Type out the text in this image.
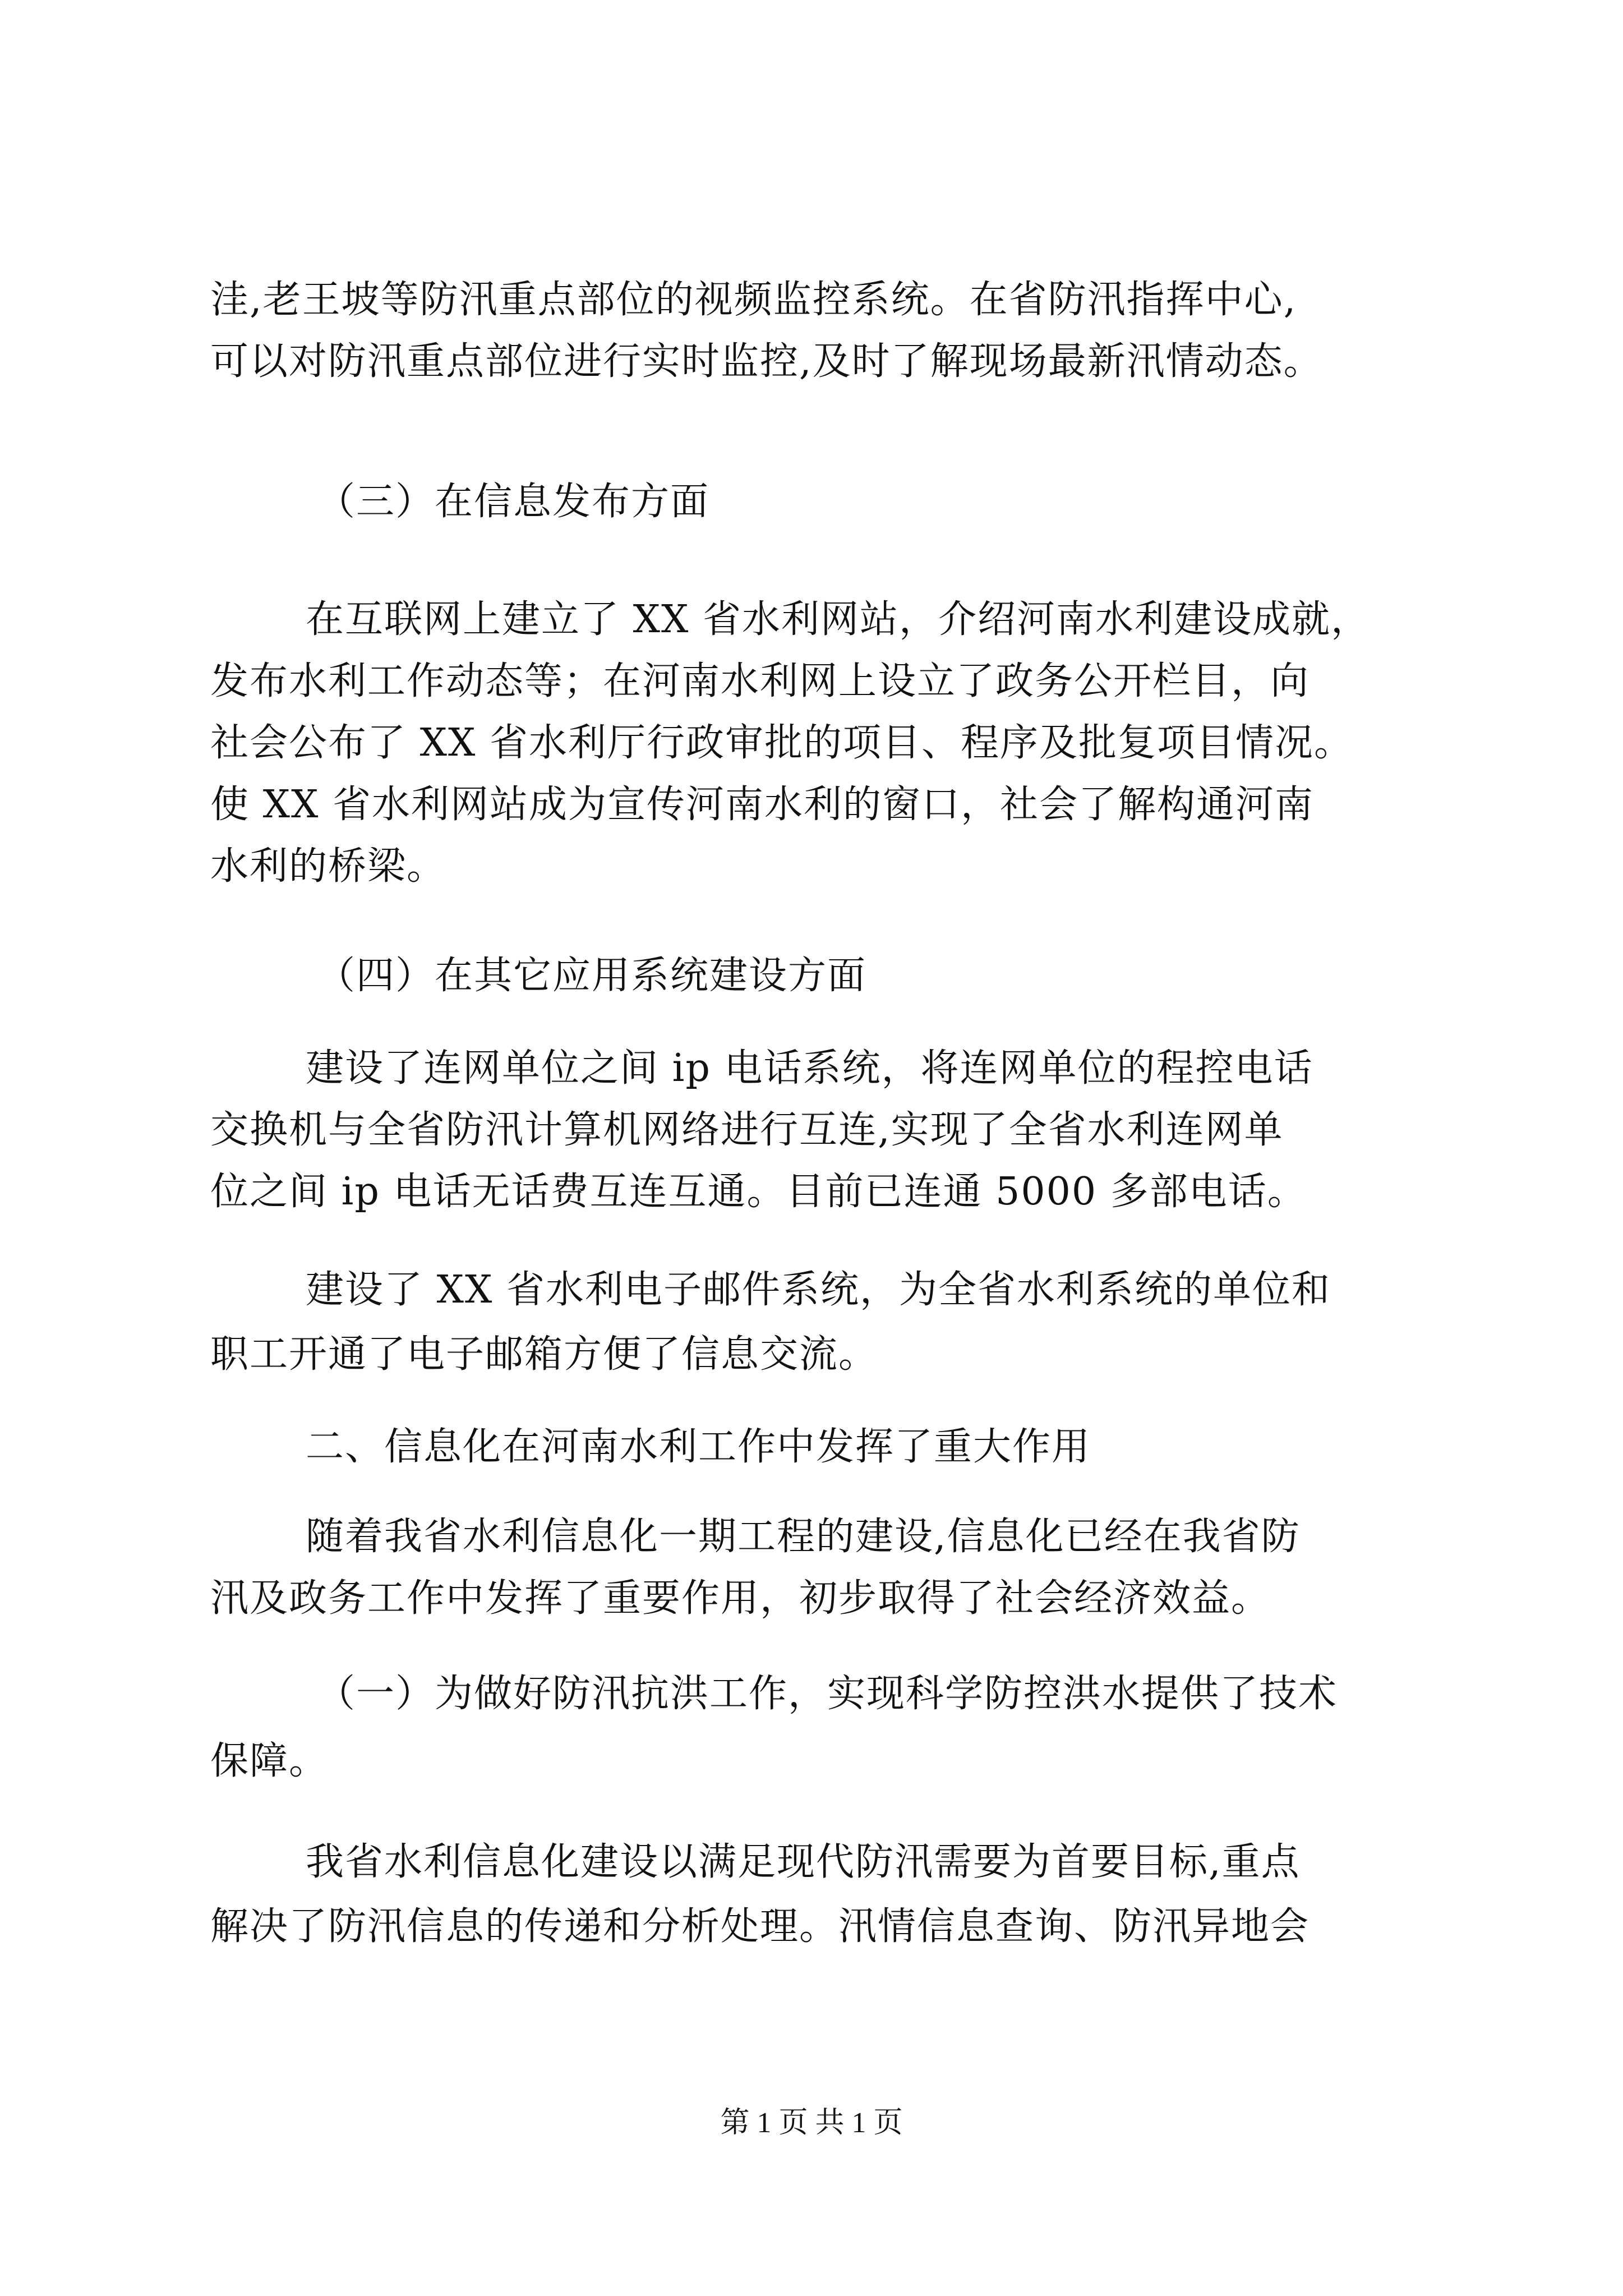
洼,老王坡等防汛重点部位的视频监控系统。在省防汛指挥中心,
可以对防汛重点部位进行实时监控,及时了解现场最新汛情动态。
（三）在信息发布方面
在互联网上建立了 XX 省水利网站，介绍河南水利建设成就，
发布水利工作动态等；在河南水利网上设立了政务公开栏目，向
社会公布了 XX 省水利厅行政审批的项目、程序及批复项目情况。
使 XX 省水利网站成为宣传河南水利的窗口，社会了解构通河南
水利的桥梁。
（四）在其它应用系统建设方面
建设了连网单位之间 ip 电话系统，将连网单位的程控电话
交换机与全省防汛计算机网络进行互连,实现了全省水利连网单
位之间 ip 电话无话费互连互通。目前已连通 5000 多部电话。
建设了 XX 省水利电子邮件系统，为全省水利系统的单位和
职工开通了电子邮箱方便了信息交流。
二、信息化在河南水利工作中发挥了重大作用
随着我省水利信息化一期工程的建设,信息化已经在我省防
汛及政务工作中发挥了重要作用，初步取得了社会经济效益。
（一）为做好防汛抗洪工作，实现科学防控洪水提供了技术
保障。
我省水利信息化建设以满足现代防汛需要为首要目标,重点
解决了防汛信息的传递和分析处理。汛情信息查询、防汛异地会
第 1 页 共 1 页
